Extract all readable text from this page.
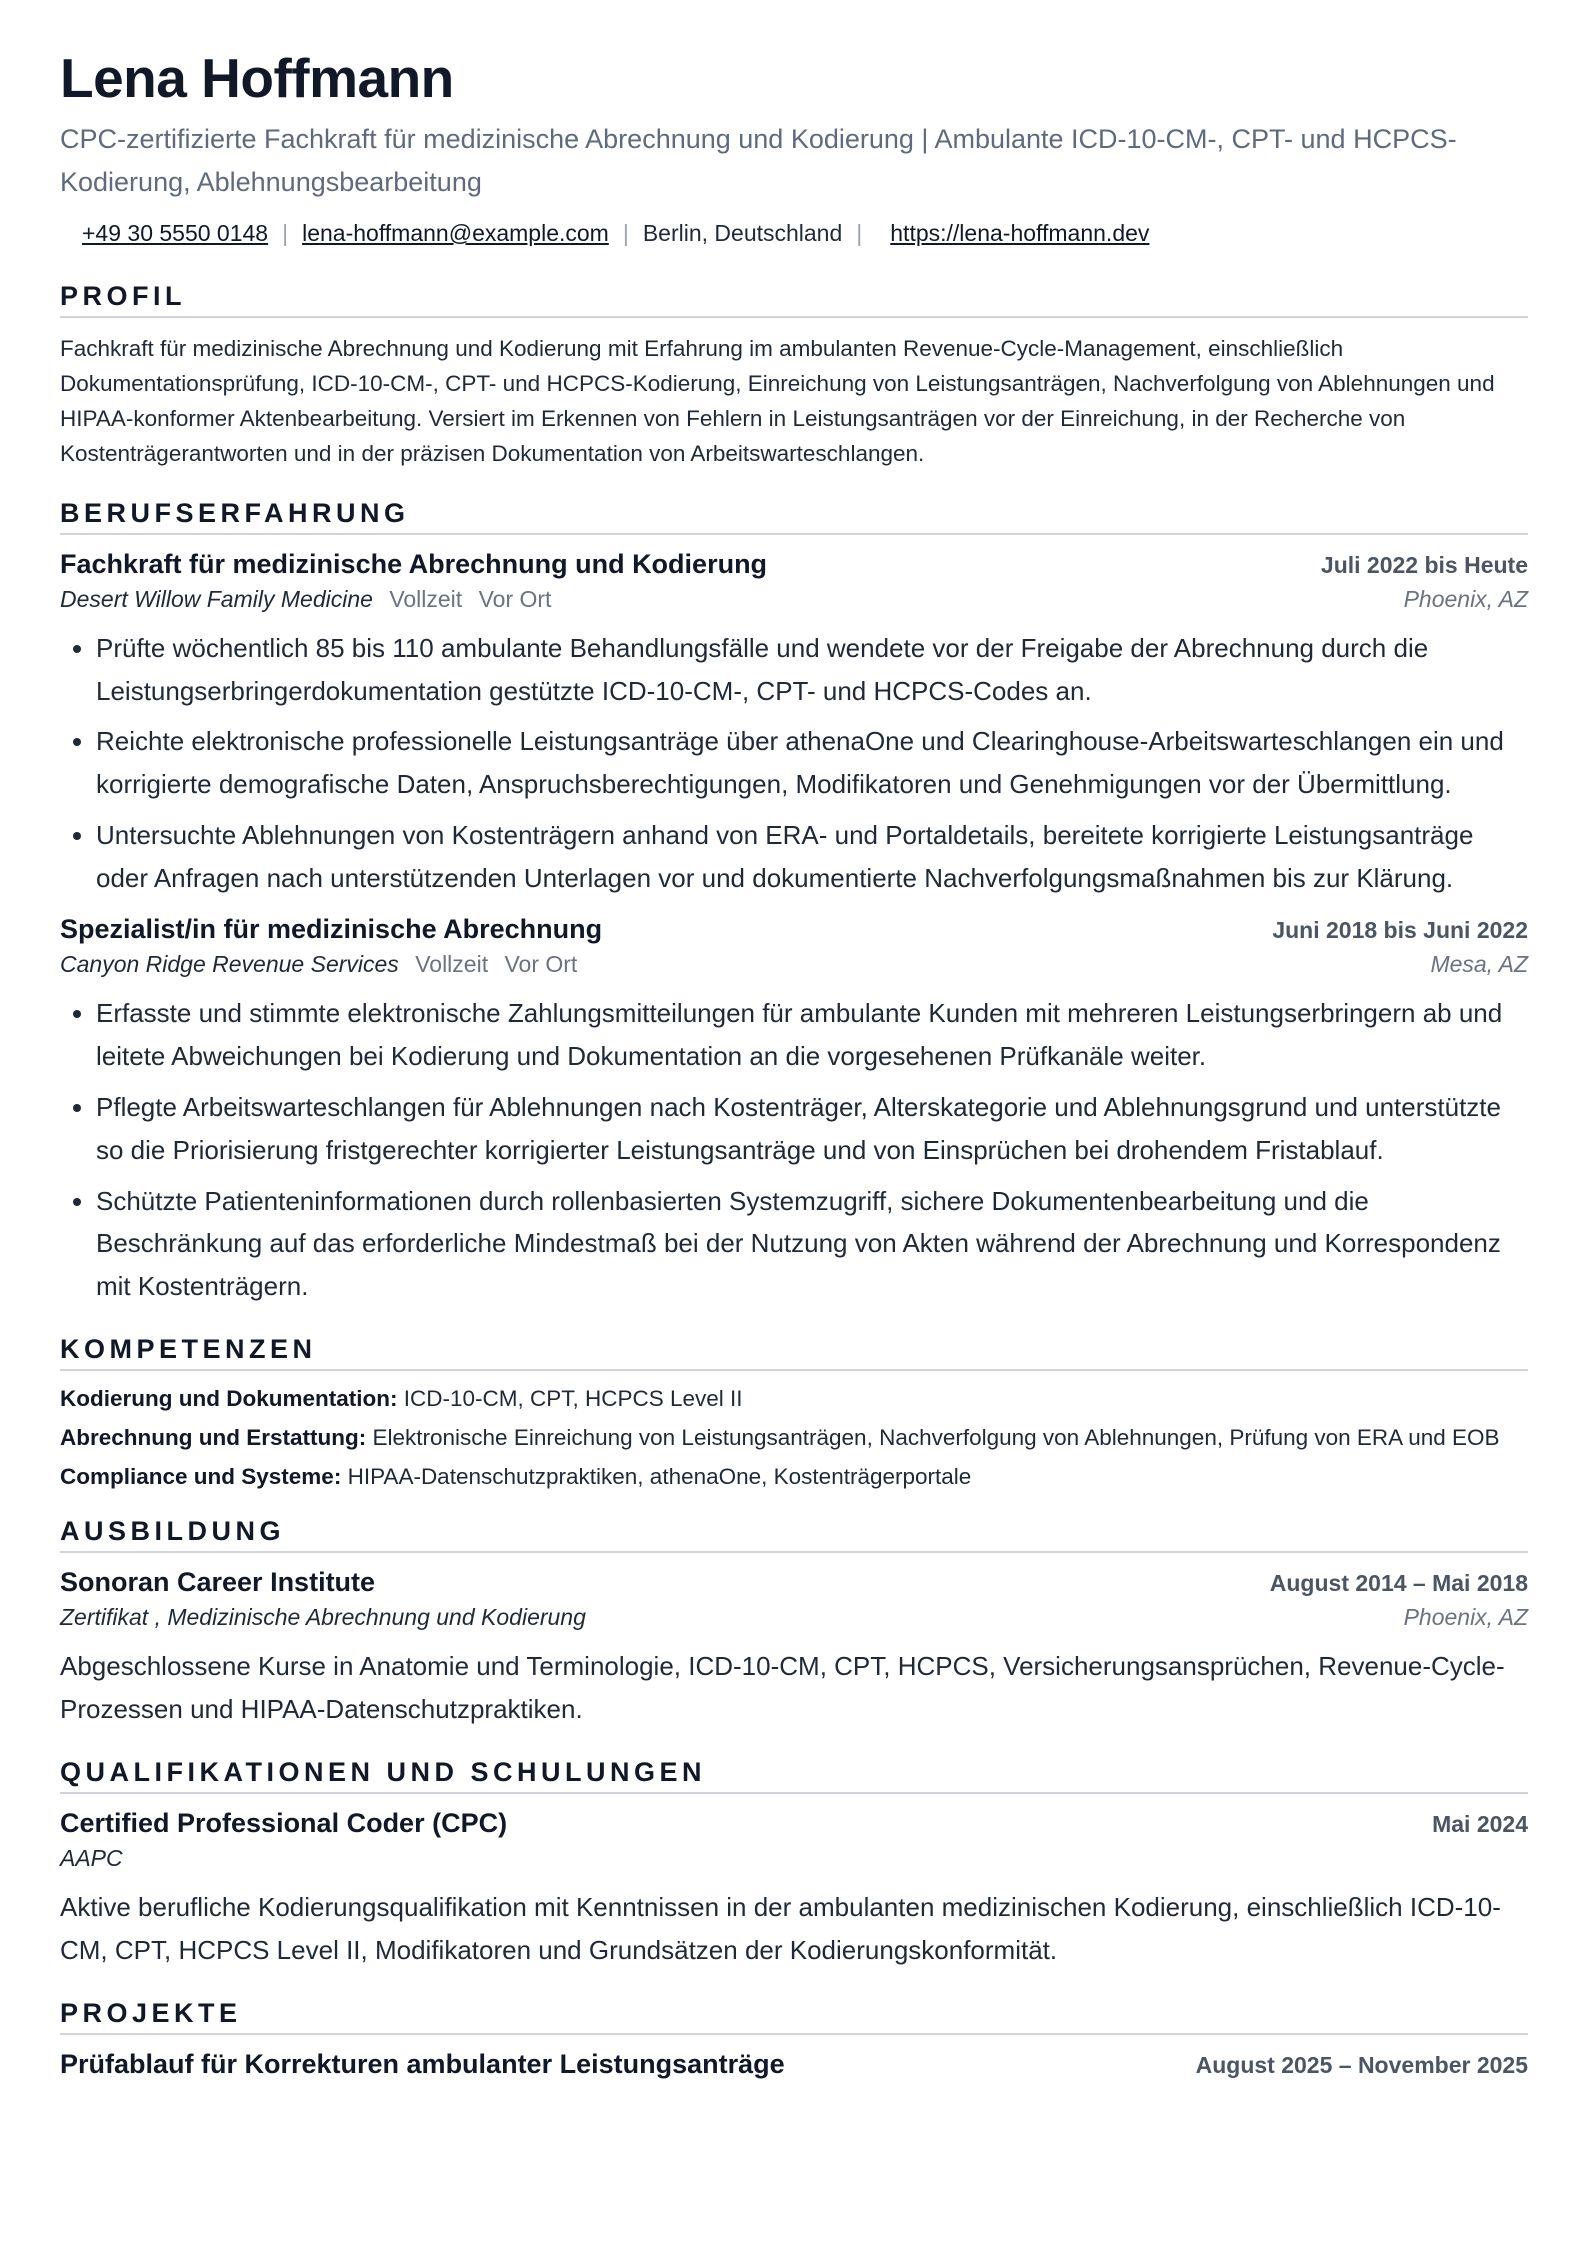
Lena Hoffmann

CPC-zertifizierte Fachkraft für medizinische Abrechnung und Kodierung | Ambulante ICD-10-CM-, CPT- und HCPCS-Kodierung, Ablehnungsbearbeitung

+49 30 5550 0148 | lena-hoffmann@example.com | Berlin, Deutschland | https://lena-hoffmann.dev
PROFIL

Fachkraft für medizinische Abrechnung und Kodierung mit Erfahrung im ambulanten Revenue-Cycle-Management, einschließlich Dokumentationsprüfung, ICD-10-CM-, CPT- und HCPCS-Kodierung, Einreichung von Leistungsanträgen, Nachverfolgung von Ablehnungen und HIPAA-konformer Aktenbearbeitung. Versiert im Erkennen von Fehlern in Leistungsanträgen vor der Einreichung, in der Recherche von Kostenträgerantworten und in der präzisen Dokumentation von Arbeitswarteschlangen.

BERUFSERFAHRUNG
Fachkraft für medizinische Abrechnung und Kodierung	Juli 2022 bis Heute
Desert Willow Family Medicine Vollzeit Vor Ort	Phoenix, AZ
• Prüfte wöchentlich 85 bis 110 ambulante Behandlungsfälle und wendete vor der Freigabe der Abrechnung durch die Leistungserbringerdokumentation gestützte ICD-10-CM-, CPT- und HCPCS-Codes an.
• Reichte elektronische professionelle Leistungsanträge über athenaOne und Clearinghouse-Arbeitswarteschlangen ein und korrigierte demografische Daten, Anspruchsberechtigungen, Modifikatoren und Genehmigungen vor der Übermittlung.
• Untersuchte Ablehnungen von Kostenträgern anhand von ERA- und Portaldetails, bereitete korrigierte Leistungsanträge oder Anfragen nach unterstützenden Unterlagen vor und dokumentierte Nachverfolgungsmaßnahmen bis zur Klärung.
Spezialist/in für medizinische Abrechnung	Juni 2018 bis Juni 2022
Canyon Ridge Revenue Services Vollzeit Vor Ort	Mesa, AZ
• Erfasste und stimmte elektronische Zahlungsmitteilungen für ambulante Kunden mit mehreren Leistungserbringern ab und leitete Abweichungen bei Kodierung und Dokumentation an die vorgesehenen Prüfkanäle weiter.
• Pflegte Arbeitswarteschlangen für Ablehnungen nach Kostenträger, Alterskategorie und Ablehnungsgrund und unterstützte so die Priorisierung fristgerechter korrigierter Leistungsanträge und von Einsprüchen bei drohendem Fristablauf.
• Schützte Patienteninformationen durch rollenbasierten Systemzugriff, sichere Dokumentenbearbeitung und die Beschränkung auf das erforderliche Mindestmaß bei der Nutzung von Akten während der Abrechnung und Korrespondenz mit Kostenträgern.
KOMPETENZEN
Kodierung und Dokumentation: ICD-10-CM, CPT, HCPCS Level II
Abrechnung und Erstattung: Elektronische Einreichung von Leistungsanträgen, Nachverfolgung von Ablehnungen, Prüfung von ERA und EOB
Compliance und Systeme: HIPAA-Datenschutzpraktiken, athenaOne, Kostenträgerportale
AUSBILDUNG
Sonoran Career Institute	August 2014 – Mai 2018
Zertifikat , Medizinische Abrechnung und Kodierung	Phoenix, AZ

Abgeschlossene Kurse in Anatomie und Terminologie, ICD-10-CM, CPT, HCPCS, Versicherungsansprüchen, Revenue-Cycle-Prozessen und HIPAA-Datenschutzpraktiken.

QUALIFIKATIONEN UND SCHULUNGEN
Certified Professional Coder (CPC)	Mai 2024
AAPC

Aktive berufliche Kodierungsqualifikation mit Kenntnissen in der ambulanten medizinischen Kodierung, einschließlich ICD-10-CM, CPT, HCPCS Level II, Modifikatoren und Grundsätzen der Kodierungskonformität.

PROJEKTE
Prüfablauf für Korrekturen ambulanter Leistungsanträge	August 2025 – November 2025
